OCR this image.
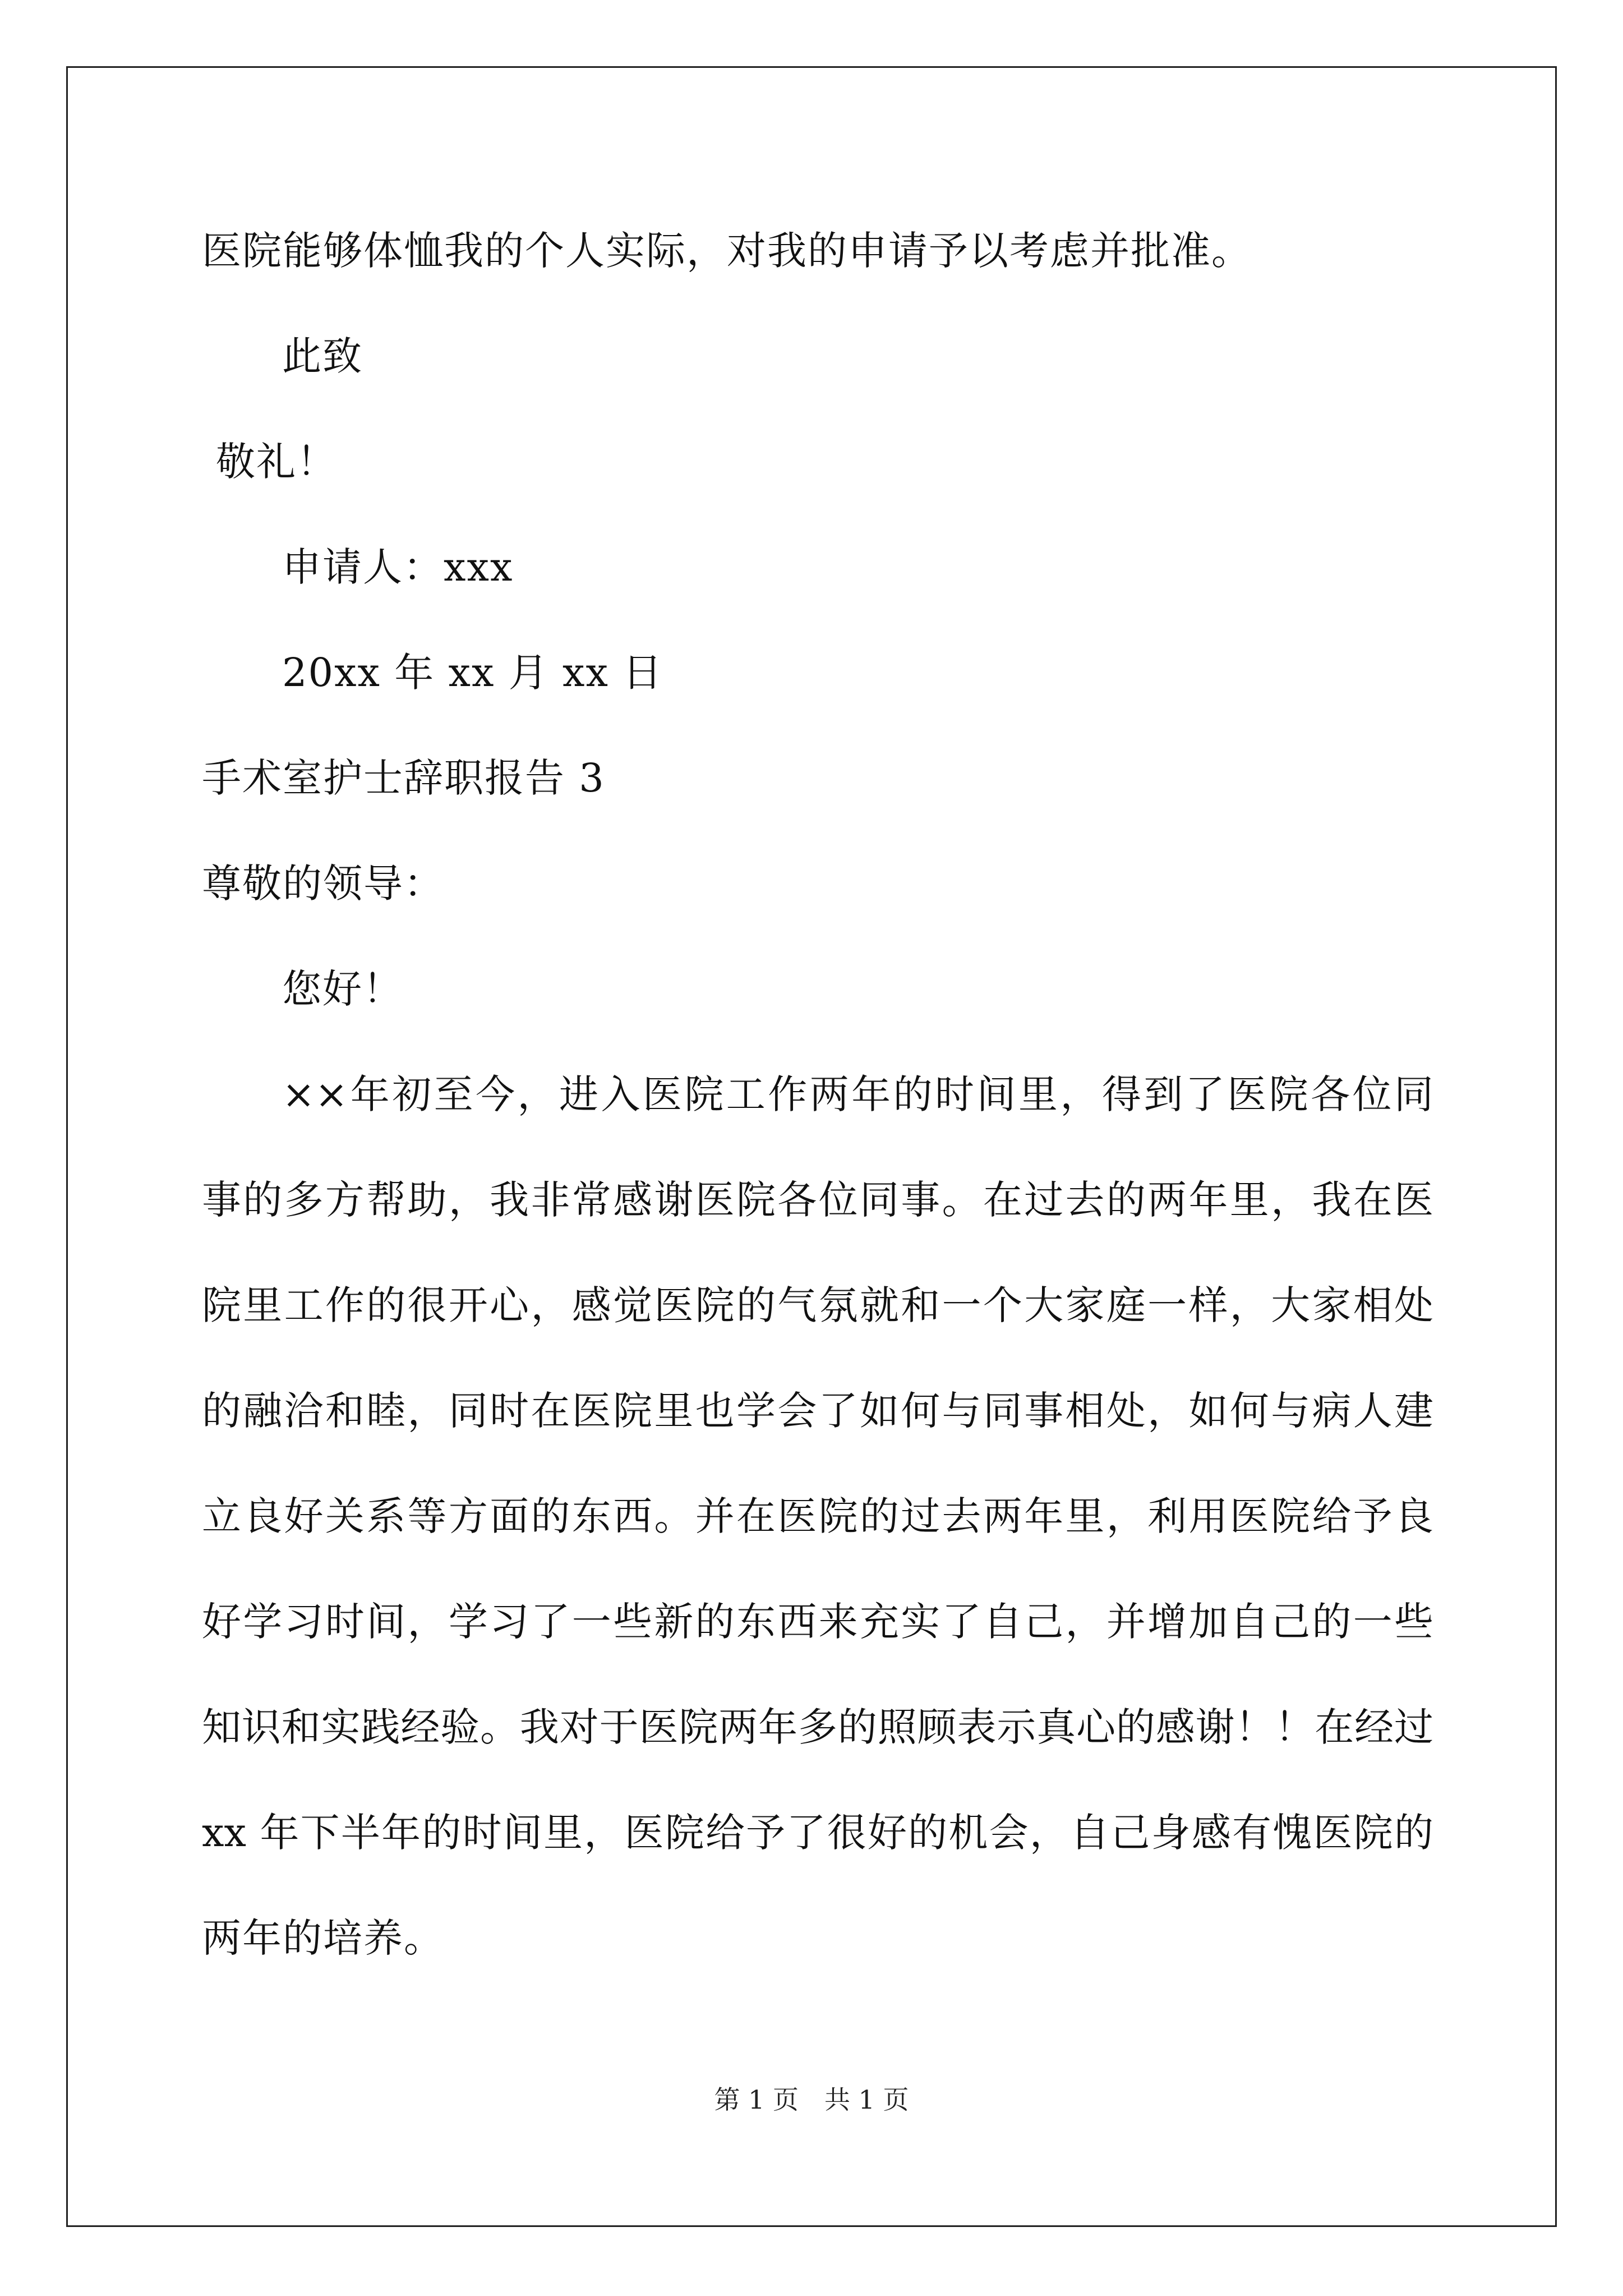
医院能够体恤我的个人实际，对我的申请予以考虑并批准。
此致
敬礼！
申请人：xxx
20xx 年 xx 月 xx 日
手术室护士辞职报告 3
尊敬的领导：
您好！
××年初至今，进入医院工作两年的时间里，得到了医院各位同
事的多方帮助，我非常感谢医院各位同事。在过去的两年里，我在医
院里工作的很开心，感觉医院的气氛就和一个大家庭一样，大家相处
的融洽和睦，同时在医院里也学会了如何与同事相处，如何与病人建
立良好关系等方面的东西。并在医院的过去两年里，利用医院给予良
好学习时间，学习了一些新的东西来充实了自己，并增加自己的一些
知识和实践经验。我对于医院两年多的照顾表示真心的感谢！！在经过
xx 年下半年的时间里，医院给予了很好的机会，自己身感有愧医院的
两年的培养。
第 1 页　共 1 页
